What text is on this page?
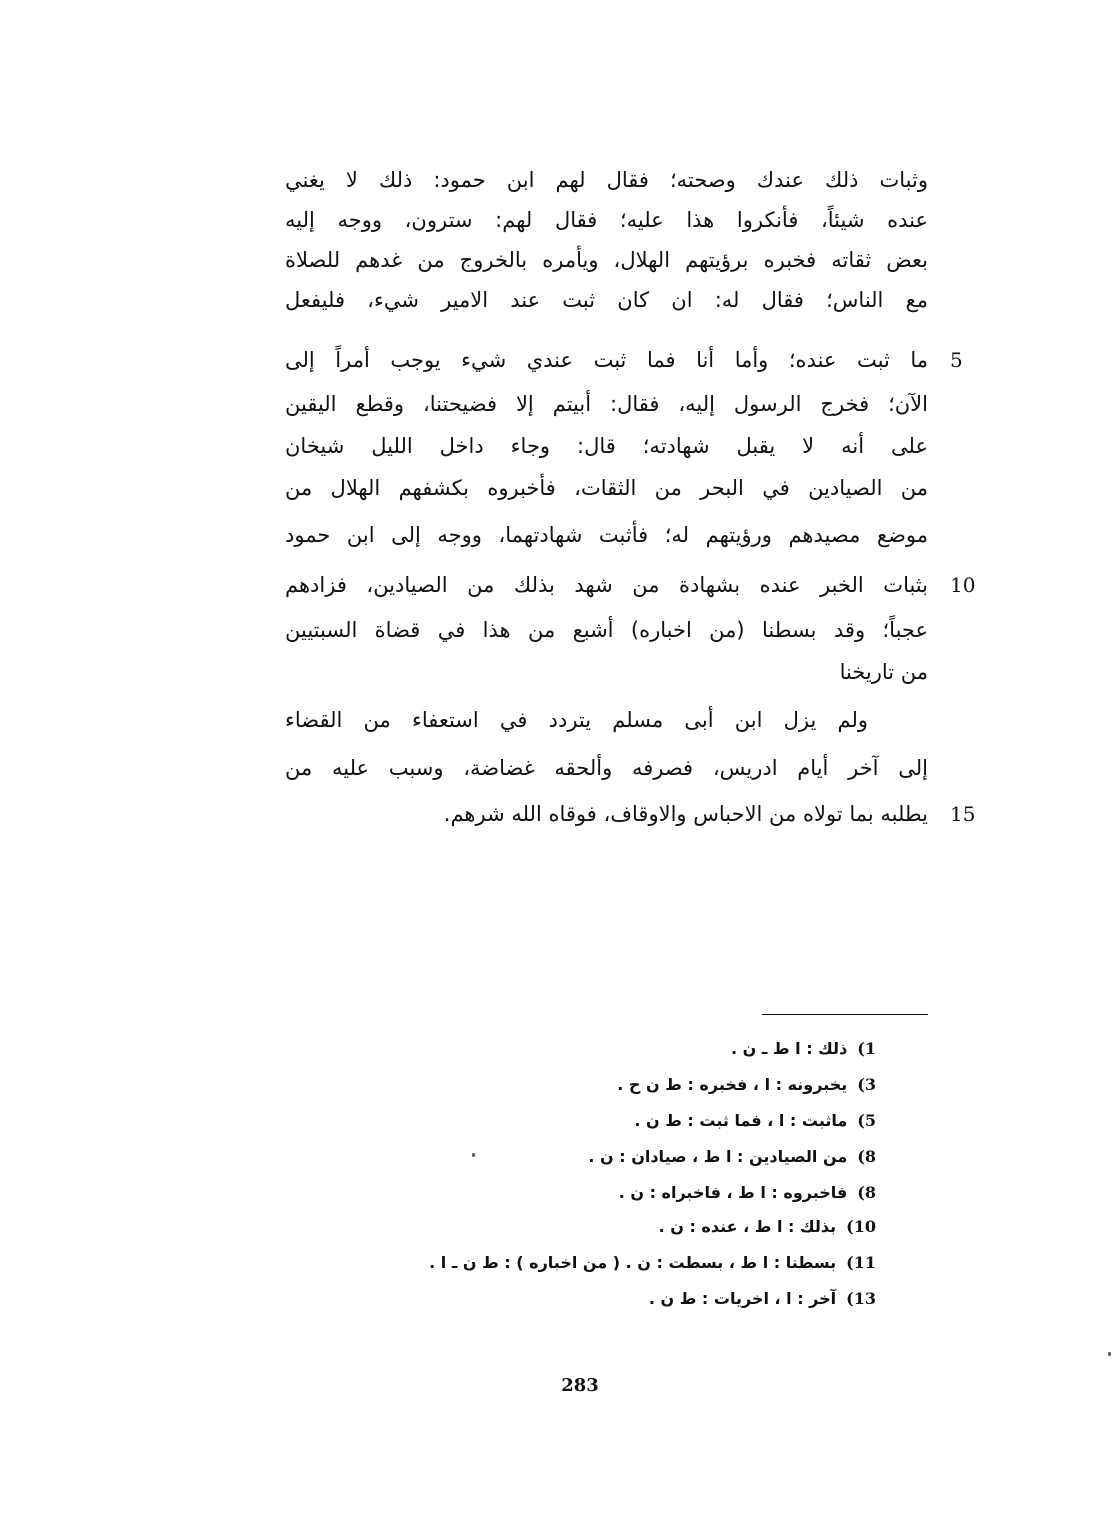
وثبات ذلك عندك وصحته؛ فقال لهم ابن حمود: ذلك لا يغني
عنده شيئاً، فأنكروا هذا عليه؛ فقال لهم: سترون، ووجه إليه
بعض ثقاته فخبره برؤيتهم الهلال، ويأمره بالخروج من غدهم للصلاة
مع الناس؛ فقال له: ان كان ثبت عند الامير شيء، فليفعل
ما ثبت عنده؛ وأما أنا فما ثبت عندي شيء يوجب أمراً إلى
الآن؛ فخرج الرسول إليه، فقال: أبيتم إلا فضيحتنا، وقطع اليقين
على أنه لا يقبل شهادته؛ قال: وجاء داخل الليل شيخان
من الصيادين في البحر من الثقات، فأخبروه بكشفهم الهلال من
موضع مصيدهم ورؤيتهم له؛ فأثبت شهادتهما، ووجه إلى ابن حمود
بثبات الخبر عنده بشهادة من شهد بذلك من الصيادين، فزادهم
عجباً؛ وقد بسطنا (من اخباره) أشبع من هذا في قضاة السبتيين
من تاريخنا
ولم يزل ابن أبى مسلم يتردد في استعفاء من القضاء
إلى آخر أيام ادريس، فصرفه وألحقه غضاضة، وسبب عليه من
يطلبه بما تولاه من الاحباس والاوقاف، فوقاه الله شرهم.
5
10
15
1)ذلك : ا ط ـ ن .
3)يخبرونه : ا ، فخبره : ط ن ح .
5)ماثبت : ا ، فما ثبت : ط ن .
8)من الصيادين : ا ط ، صيادان : ن .
8)فاخبروه : ا ط ، فاخبراه : ن .
10)بذلك : ا ط ، عنده : ن .
11)بسطنا : ا ط ، بسطت : ن . ( من اخباره ) : ط ن ـ ا .
13)آخر : ا ، اخريات : ط ن .
283
